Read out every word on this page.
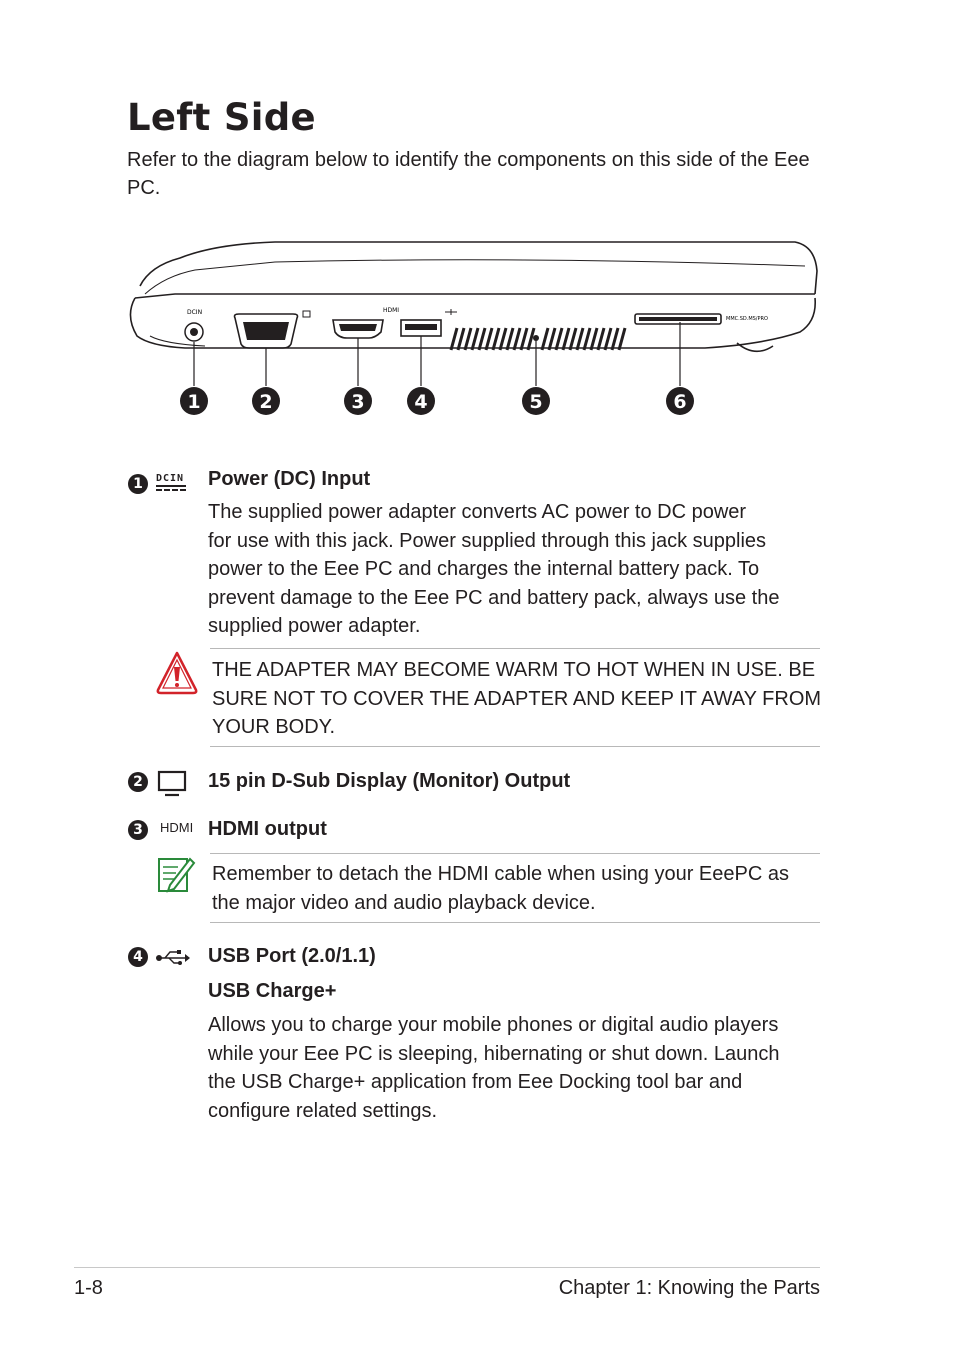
Left Side
Refer to the diagram below to identify the components on this side of the Eee PC.
DCIN	HDMI
MMC.SD.MS/PRO
1	2	3	4	5	6
1	DCIN Power (DC) Input
The supplied power adapter converts AC power to DC power
for use with this jack. Power supplied through this jack supplies
power to the Eee PC and charges the internal battery pack. To
prevent damage to the Eee PC and battery pack, always use the
supplied power adapter.
THE ADAPTER MAY BECOME WARM TO HOT WHEN IN USE. BE
SURE NOT TO COVER THE ADAPTER AND KEEP IT AWAY FROM
YOUR BODY.
2	15 pin D-Sub Display (Monitor) Output
3	HDMI HDMI output
Remember to detach the HDMI cable when using your EeePC as
the major video and audio playback device.
4	USB Port (2.0/1.1)
USB Charge+
Allows you to charge your mobile phones or digital audio players
while your Eee PC is sleeping, hibernating or shut down. Launch
the USB Charge+ application from Eee Docking tool bar and
configure related settings.
1-8	Chapter 1: Knowing the Parts
